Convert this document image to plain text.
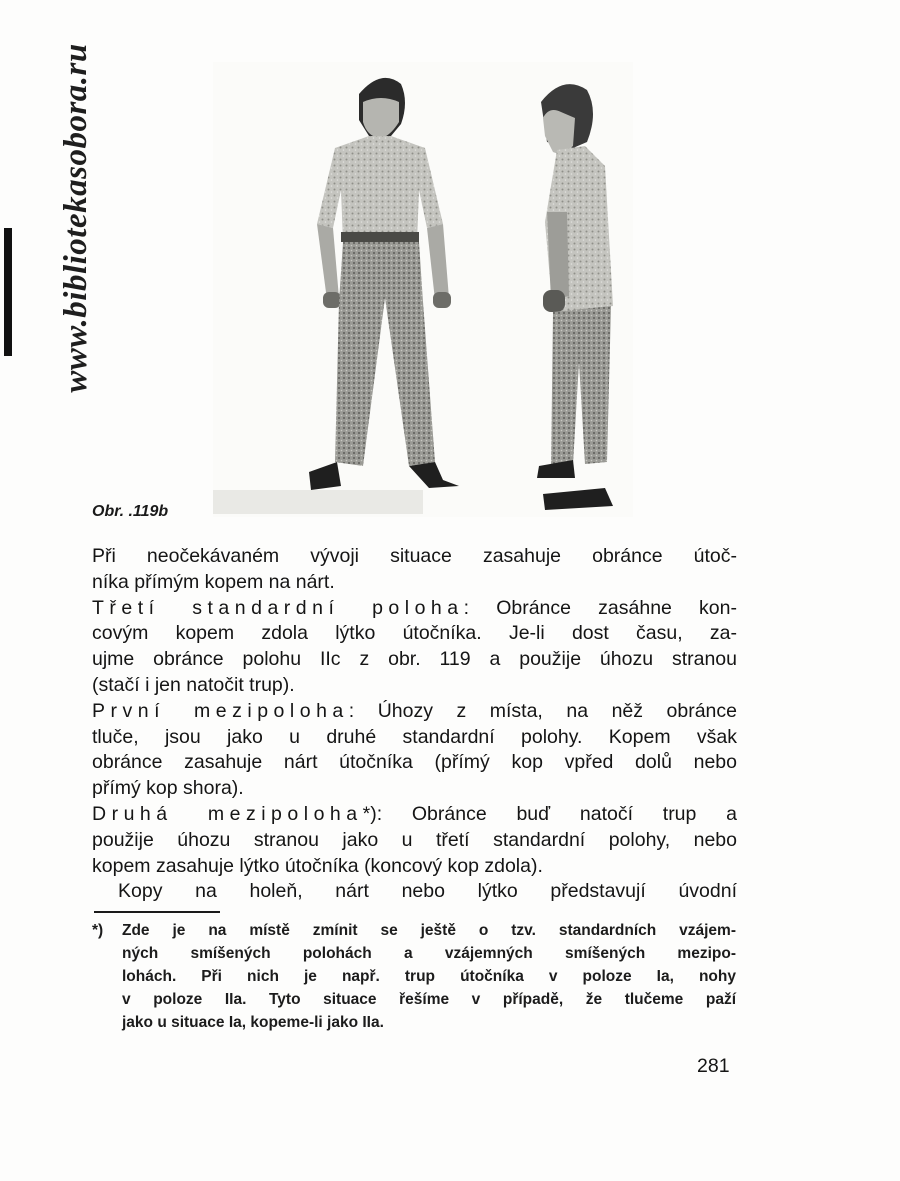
www.bibliotekasobora.ru
Obr. .119b

Při neočekávaném vývoji situace zasahuje obránce útoč-

níka přímým kopem na nárt.

Třetí standardní poloha: Obránce zasáhne kon-

covým kopem zdola lýtko útočníka. Je-li dost času, za-

ujme obránce polohu IIc z obr. 119 a použije úhozu stranou

(stačí i jen natočit trup).

První mezipoloha: Úhozy z místa, na něž obránce

tluče, jsou jako u druhé standardní polohy. Kopem však

obránce zasahuje nárt útočníka (přímý kop vpřed dolů nebo

přímý kop shora).

Druhá mezipoloha*): Obránce buď natočí trup a

použije úhozu stranou jako u třetí standardní polohy, nebo

kopem zasahuje lýtko útočníka (koncový kop zdola).

Kopy na holeň, nárt nebo lýtko představují úvodní

*) Zde je na místě zmínit se ještě o tzv. standardních vzájem-

ných smíšených polohách a vzájemných smíšených mezipo-

lohách. Při nich je např. trup útočníka v poloze Ia, nohy

v poloze IIa. Tyto situace řešíme v případě, že tlučeme paží

jako u situace Ia, kopeme-li jako IIa.

281
